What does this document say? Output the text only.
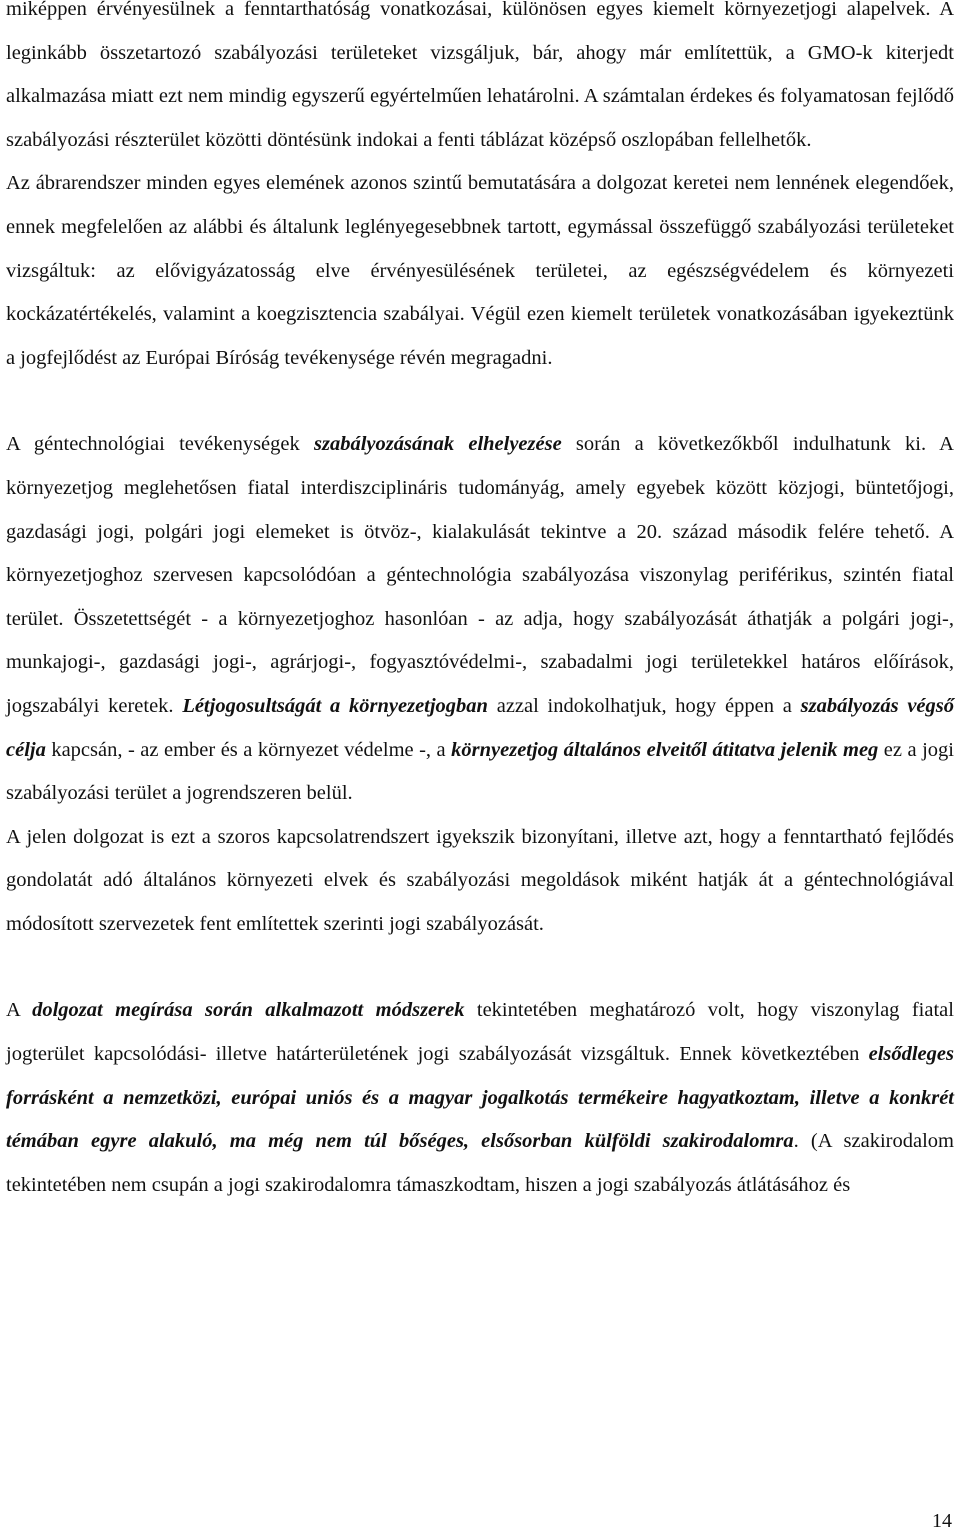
miképpen érvényesülnek a fenntarthatóság vonatkozásai, különösen egyes kiemelt környezetjogi alapelvek. A leginkább összetartozó szabályozási területeket vizsgáljuk, bár, ahogy már említettük, a GMO-k kiterjedt alkalmazása miatt ezt nem mindig egyszerű egyértelműen lehatárolni. A számtalan érdekes és folyamatosan fejlődő szabályozási részterület közötti döntésünk indokai a fenti táblázat középső oszlopában fellelhetők.

Az ábrarendszer minden egyes elemének azonos szintű bemutatására a dolgozat keretei nem lennének elegendőek, ennek megfelelően az alábbi és általunk leglényegesebbnek tartott, egymással összefüggő szabályozási területeket vizsgáltuk: az elővigyázatosság elve érvényesülésének területei, az egészségvédelem és környezeti kockázatértékelés, valamint a koegzisztencia szabályai. Végül ezen kiemelt területek vonatkozásában igyekeztünk a jogfejlődést az Európai Bíróság tevékenysége révén megragadni.

A géntechnológiai tevékenységek szabályozásának elhelyezése során a következőkből indulhatunk ki. A környezetjog meglehetősen fiatal interdiszciplináris tudományág, amely egyebek között közjogi, büntetőjogi, gazdasági jogi, polgári jogi elemeket is ötvöz-, kialakulását tekintve a 20. század második felére tehető. A környezetjoghoz szervesen kapcsolódóan a géntechnológia szabályozása viszonylag periférikus, szintén fiatal terület. Összetettségét - a környezetjoghoz hasonlóan - az adja, hogy szabályozását áthatják a polgári jogi-, munkajogi-, gazdasági jogi-, agrárjogi-, fogyasztóvédelmi-, szabadalmi jogi területekkel határos előírások, jogszabályi keretek. Létjogosultságát a környezetjogban azzal indokolhatjuk, hogy éppen a szabályozás végső célja kapcsán, - az ember és a környezet védelme -, a környezetjog általános elveitől átitatva jelenik meg ez a jogi szabályozási terület a jogrendszeren belül.

A jelen dolgozat is ezt a szoros kapcsolatrendszert igyekszik bizonyítani, illetve azt, hogy a fenntartható fejlődés gondolatát adó általános környezeti elvek és szabályozási megoldások miként hatják át a géntechnológiával módosított szervezetek fent említettek szerinti jogi szabályozását.

A dolgozat megírása során alkalmazott módszerek tekintetében meghatározó volt, hogy viszonylag fiatal jogterület kapcsolódási- illetve határterületének jogi szabályozását vizsgáltuk. Ennek következtében elsődleges forrásként a nemzetközi, európai uniós és a magyar jogalkotás termékeire hagyatkoztam, illetve a konkrét témában egyre alakuló, ma még nem túl bőséges, elsősorban külföldi szakirodalomra. (A szakirodalom tekintetében nem csupán a jogi szakirodalomra támaszkodtam, hiszen a jogi szabályozás átlátásához és

14
